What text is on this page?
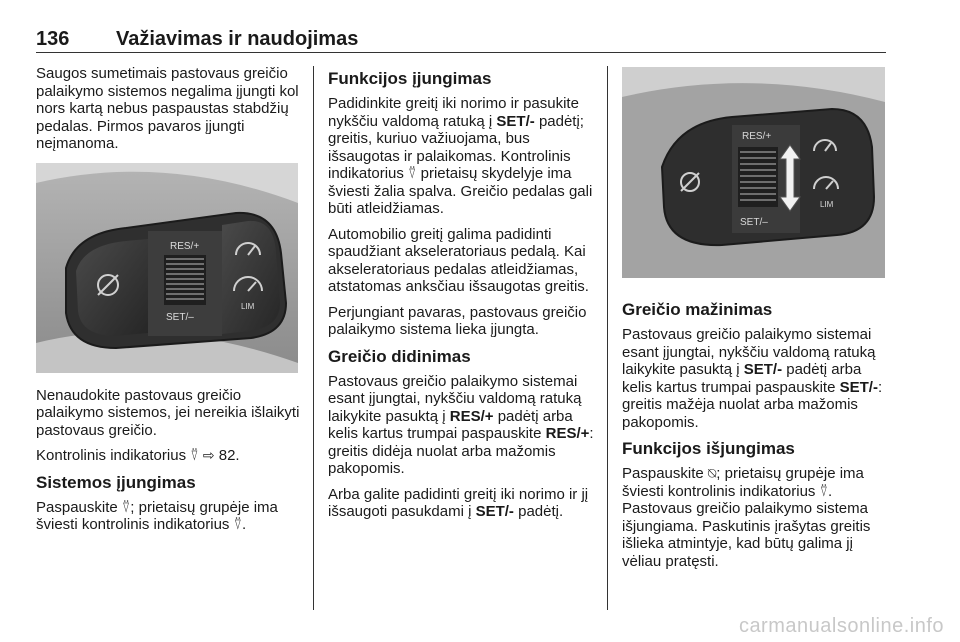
136 Važiavimas ir naudojimas

Saugos sumetimais pastovaus greičio palaikymo sistemos negalima įjungti kol nors kartą nebus paspaustas stabdžių pedalas. Pirmos pavaros įjungti neįmanoma.

RES/+
SET/–
LIM

Nenaudokite pastovaus greičio palaikymo sistemos, jei nereikia išlaikyti pastovaus greičio.

Kontrolinis indikatorius ⍢ ⇨ 82.

Sistemos įjungimas

Paspauskite ⍢; prietaisų grupėje ima šviesti kontrolinis indikatorius ⍢.

Funkcijos įjungimas

Padidinkite greitį iki norimo ir pasukite nykščiu valdomą ratuką į SET/- padėtį; greitis, kuriuo važiuojama, bus išsaugotas ir palaikomas. Kontrolinis indikatorius ⍢ prietaisų skydelyje ima šviesti žalia spalva. Greičio pedalas gali būti atleidžiamas.

Automobilio greitį galima padidinti spaudžiant akseleratoriaus pedalą. Kai akseleratoriaus pedalas atleidžiamas, atstatomas anksčiau išsaugotas greitis.

Perjungiant pavaras, pastovaus greičio palaikymo sistema lieka įjungta.

Greičio didinimas

Pastovaus greičio palaikymo sistemai esant įjungtai, nykščiu valdomą ratuką laikykite pasuktą į RES/+ padėtį arba kelis kartus trumpai paspauskite RES/+: greitis didėja nuolat arba mažomis pakopomis.

Arba galite padidinti greitį iki norimo ir jį išsaugoti pasukdami į SET/- padėtį.

RES/+
SET/–
LIM
Greičio mažinimas

Pastovaus greičio palaikymo sistemai esant įjungtai, nykščiu valdomą ratuką laikykite pasuktą į SET/- padėtį arba kelis kartus trumpai paspauskite SET/-: greitis mažėja nuolat arba mažomis pakopomis.

Funkcijos išjungimas

Paspauskite ⍉; prietaisų grupėje ima šviesti kontrolinis indikatorius ⍢.

Pastovaus greičio palaikymo sistema išjungiama. Paskutinis įrašytas greitis išlieka atmintyje, kad būtų galima jį vėliau pratęsti.

carmanualsonline.info
